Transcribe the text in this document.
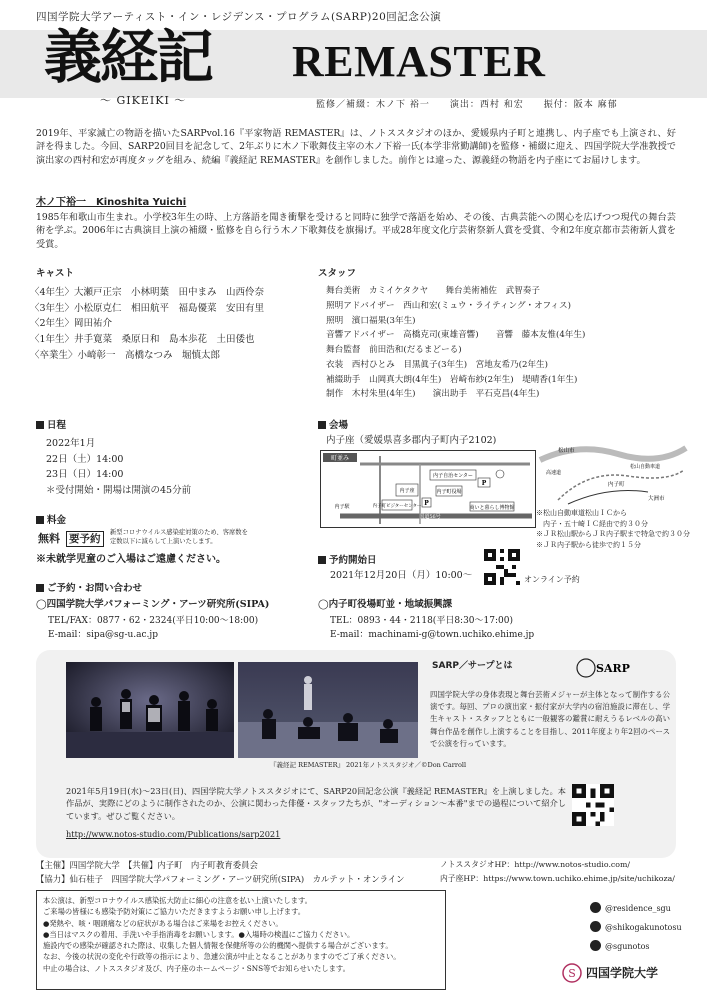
四国学院大学アーティスト・イン・レジデンス・プログラム(SARP)20回記念公演
義経記 REMASTER
〜 GIKEIKI 〜	監修／補綴：木ノ下 裕一　　演出：西村 和宏　　振付：阪本 麻郁
2019年、平家滅亡の物語を描いたSARPvol.16『平家物語 REMASTER』は、ノトススタジオのほか、愛媛県内子町と連携し、内子座でも上演され、好評を得ました。今回、SARP20回目を記念して、2年ぶりに木ノ下歌舞伎主宰の木ノ下裕一氏(本学非常勤講師)を監修・補綴に迎え、四国学院大学准教授で演出家の西村和宏が再度タッグを組み、続編『義経記 REMASTER』を創作しました。前作とは違った、源義経の物語を内子座にてお届けします。
木ノ下裕一　Kinoshita Yuichi
1985年和歌山市生まれ。小学校3年生の時、上方落語を聞き衝撃を受けると同時に独学で落語を始め、その後、古典芸能への関心を広げつつ現代の舞台芸術を学ぶ。2006年に古典演目上演の補綴・監修を自ら行う木ノ下歌舞伎を旗揚げ。平成28年度文化庁芸術祭新人賞を受賞、令和2年度京都市芸術新人賞を受賞。
キャスト
〈4年生〉大瀬戸正宗　小林明葉　田中まみ　山西伶奈
〈3年生〉小松原克仁　相田航平　福島優菜　安田有里
〈2年生〉岡田祐介
〈1年生〉井手寛菜　桑原日和　島本歩花　土田倭也
〈卒業生〉小崎彰一　高橋なつみ　堀慎太郎
スタッフ
舞台美術　カミイケタクヤ　　舞台美術補佐　武智奏子
照明アドバイザー　西山和宏(ミュウ・ライティング・オフィス)
照明　濱口福果(3年生)
音響アドバイザー　高橋克司(東雄音響)　　音響　藤本友惟(4年生)
舞台監督　前田浩和(だるまどーる)
衣装　西村ひとみ　目黒眞子(3年生)　宮地友希乃(2年生)
補綴助手　山岡真大朗(4年生)　岩崎布紗(2年生)　堤晴香(1年生)
制作　木村朱里(4年生)　　演出助手　平石克昌(4年生)
日程
2022年1月
22日（土）14:00
23日（日）14:00
＊受付開始・開場は開演の45分前
会場
内子座（愛媛県喜多郡内子町内子2102)
町並み
国道56号
内子自治センター
内子座	内子町役場
商いと暮らし博物館
内子町ビジターセンター
P
P
内子駅
松山市
内子町
大洲市
松山自動車道
高速道
※松山自動車道松山ＩＣから
　内子・五十崎ＩＣ経由で約３０分
※ＪＲ松山駅からＪＲ内子駅まで特急で約３０分
※ＪＲ内子駅から徒歩で約１５分
料金
無料 要予約
新型コロナウイルス感染症対策のため、客席数を
定数以下に減らして上演いたします。
※未就学児童のご入場はご遠慮ください。	予約開始日
2021年12月20日（月）10:00〜	オンライン予約
ご予約・お問い合わせ
◯四国学院大学パフォーミング・アーツ研究所(SIPA)
TEL/FAX：0877・62・2324(平日10:00〜18:00)
E-mail：sipa@sg-u.ac.jp
◯内子町役場町並・地域振興課
TEL：0893・44・2118(平日8:30〜17:00)
E-mail：machinami-g@town.uchiko.ehime.jp
『義経記 REMASTER』 2021年ノトススタジオ／©Don Carroll
SARP／サープとは	SARP
四国学院大学の身体表現と舞台芸術メジャーが主体となって制作する公演です。毎回、プロの演出家・振付家が大学内の宿泊施設に滞在し、学生キャスト・スタッフとともに一般観客の鑑賞に耐えうるレベルの高い舞台作品を創作し上演することを目指し、2011年度より年2回のペースで公演を行っています。
2021年5月19日(水)〜23日(日)、四国学院大学ノトススタジオにて、SARP20回記念公演『義経記 REMASTER』を上演しました。本作品が、実際にどのように制作されたのか、公演に関わった俳優・スタッフたちが、"オーディション〜本番"までの過程について紹介しています。ぜひご覧ください。
http://www.notos-studio.com/Publications/sarp2021
【主催】四国学院大学　【共催】内子町　内子町教育委員会
【協力】仙石桂子　四国学院大学パフォーミング・アーツ研究所(SIPA)　カルテット・オンライン
ノトススタジオHP：http://www.notos-studio.com/
内子座HP：https://www.town.uchiko.ehime.jp/site/uchikoza/
本公演は、新型コロナウイルス感染拡大防止に細心の注意を払い上演いたします。
ご来場の皆様にも感染予防対策にご協力いただきますようお願い申し上げます。
●発熱や、咳・咽頭痛などの症状がある場合はご来場をお控えください。
●当日はマスクの着用、手洗いや手指消毒をお願いします。●入場時の検温にご協力ください。
施設内での感染が確認された際は、収集した個人情報を保健所等の公的機関へ提供する場合がございます。
なお、今後の状況の変化や行政等の指示により、急遽公演が中止となることがありますのでご了承ください。
中止の場合は、ノトススタジオ及び、内子座のホームページ・SNS等でお知らせいたします。
@residence_sgu
@shikogakunotosu
@sgunotos
S 四国学院大学
